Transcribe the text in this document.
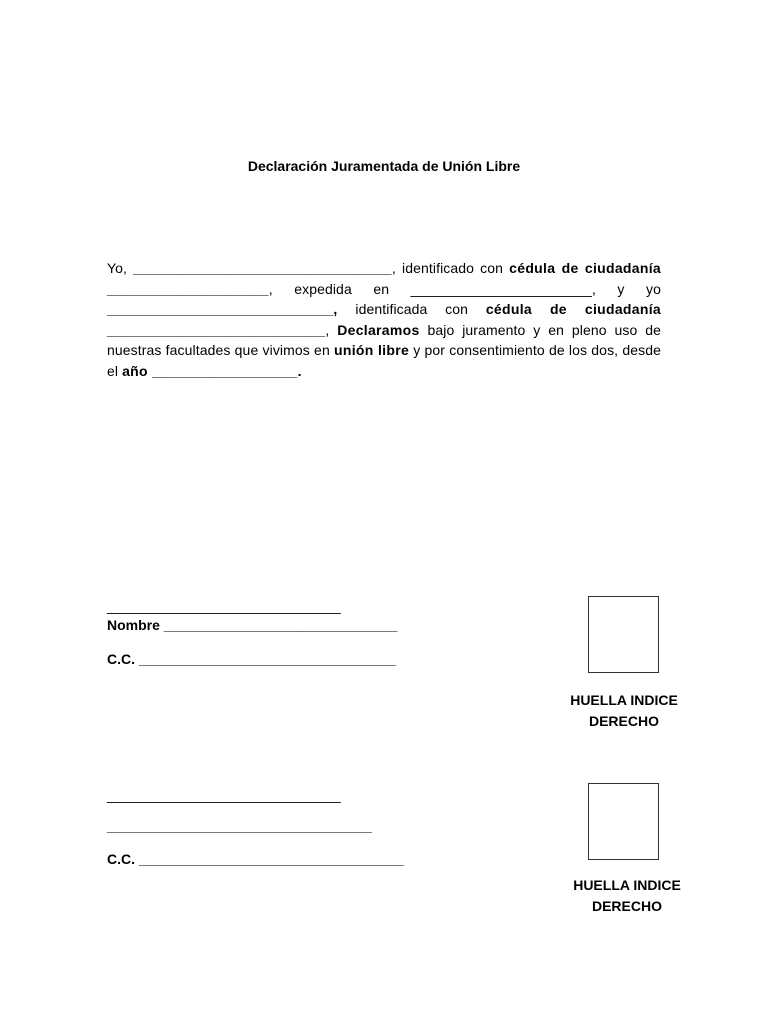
Declaración Juramentada de Unión Libre
Yo, ________________________________, identificado con cédula de ciudadanía ____________________, expedida en _______________________, y yo ____________________________, identificada con cédula de ciudadanía ___________________________, Declaramos bajo juramento y en pleno uso de nuestras facultades que vivimos en unión libre y por consentimiento de los dos, desde el año __________________.
______________________________
Nombre ______________________________
C.C. _________________________________
HUELLA INDICE
DERECHO
______________________________
__________________________________
C.C. __________________________________
HUELLA INDICE
DERECHO
